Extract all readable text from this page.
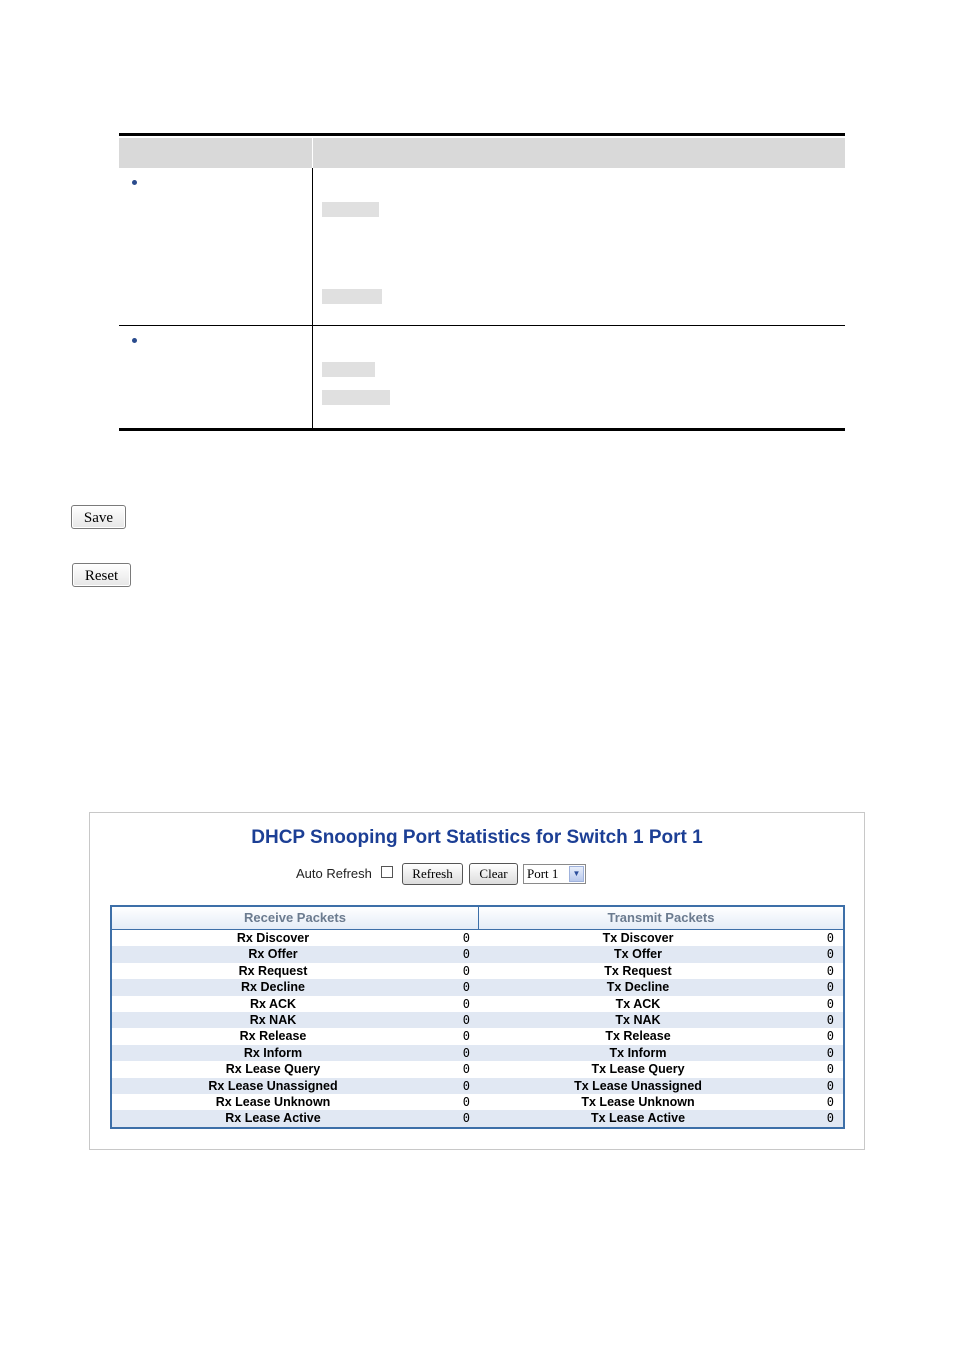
Save
Reset
DHCP Snooping Port Statistics for Switch 1 Port 1
Auto Refresh	Refresh	Clear	Port 1	▼
Receive Packets	Transmit Packets
Rx Discover	0	Tx Discover	0
Rx Offer	0	Tx Offer	0
Rx Request	0	Tx Request	0
Rx Decline	0	Tx Decline	0
Rx ACK	0	Tx ACK	0
Rx NAK	0	Tx NAK	0
Rx Release	0	Tx Release	0
Rx Inform	0	Tx Inform	0
Rx Lease Query	0	Tx Lease Query	0
Rx Lease Unassigned	0	Tx Lease Unassigned	0
Rx Lease Unknown	0	Tx Lease Unknown	0
Rx Lease Active	0	Tx Lease Active	0
